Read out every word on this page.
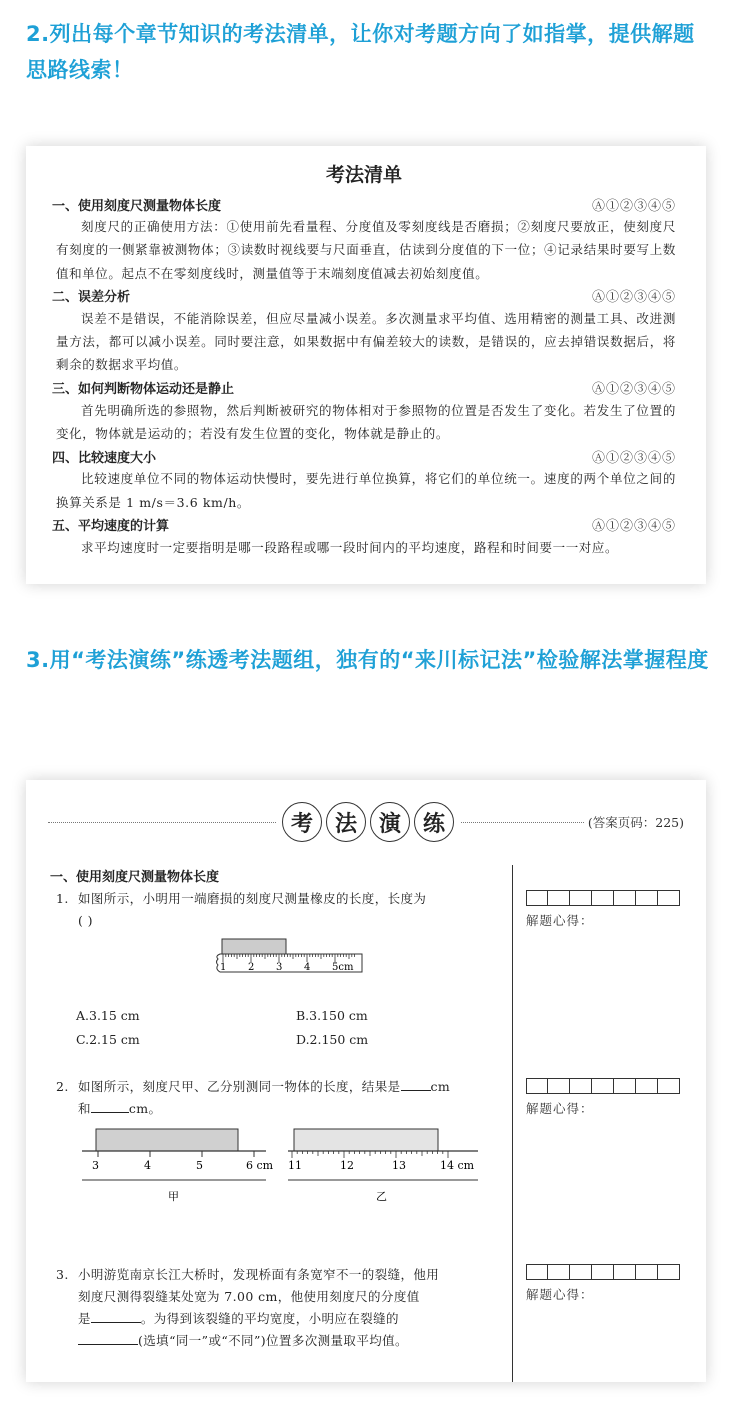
2.列出每个章节知识的考法清单，让你对考题方向了如指掌，提供解题思路线索！
考法清单
一、使用刻度尺测量物体长度	Ⓐ①②③④⑤
刻度尺的正确使用方法：①使用前先看量程、分度值及零刻度线是否磨损；②刻度尺要放正，使刻度尺有刻度的一侧紧靠被测物体；③读数时视线要与尺面垂直，估读到分度值的下一位；④记录结果时要写上数值和单位。起点不在零刻度线时，测量值等于末端刻度值减去初始刻度值。
二、误差分析	Ⓐ①②③④⑤
误差不是错误，不能消除误差，但应尽量减小误差。多次测量求平均值、选用精密的测量工具、改进测量方法，都可以减小误差。同时要注意，如果数据中有偏差较大的读数，是错误的，应去掉错误数据后，将剩余的数据求平均值。
三、如何判断物体运动还是静止	Ⓐ①②③④⑤
首先明确所选的参照物，然后判断被研究的物体相对于参照物的位置是否发生了变化。若发生了位置的变化，物体就是运动的；若没有发生位置的变化，物体就是静止的。
四、比较速度大小	Ⓐ①②③④⑤
比较速度单位不同的物体运动快慢时，要先进行单位换算，将它们的单位统一。速度的两个单位之间的换算关系是 1 m/s＝3.6 km/h。
五、平均速度的计算	Ⓐ①②③④⑤
求平均速度时一定要指明是哪一段路程或哪一段时间内的平均速度，路程和时间要一一对应。
3.用“考法演练”练透考法题组，独有的“来川标记法”检验解法掌握程度
考 法 演 练	(答案页码：225)
一、使用刻度尺测量物体长度
1. 如图所示，小明用一端磨损的刻度尺测量橡皮的长度，长度为
( )
1 2 3 4 5cm
A.3.15 cm	B.3.150 cm
C.2.15 cm	D.2.150 cm
2. 如图所示，刻度尺甲、乙分别测同一物体的长度，结果是 cm
和	cm。
3	4	5	6 cm
甲
11	12	13	14 cm
乙
3. 小明游览南京长江大桥时，发现桥面有条宽窄不一的裂缝，他用
刻度尺测得裂缝某处宽为 7.00 cm，他使用刻度尺的分度值
是	。为得到该裂缝的平均宽度，小明应在裂缝的
(选填“同一”或“不同”)位置多次测量取平均值。
解题心得：
解题心得：
解题心得：
